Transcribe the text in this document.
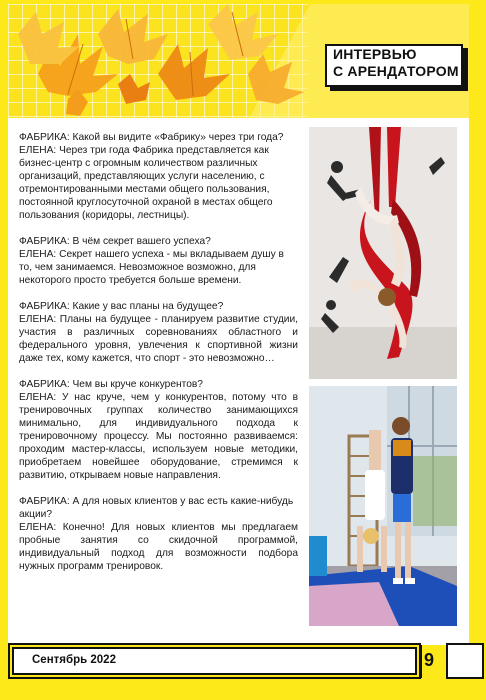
ИНТЕРВЬЮ
С АРЕНДАТОРОМ

ФАБРИКА: Какой вы видите «Фабрику» через три года?

ЕЛЕНА: Через три года Фабрика представляется как бизнес-центр с огромным количеством различных организаций, представляющих услуги населению, с отремонтированными местами общего пользования, постоянной круглосуточной охраной в местах общего пользования (коридоры, лестницы).

ФАБРИКА: В чём секрет вашего успеха?

ЕЛЕНА: Секрет нашего успеха - мы вкладываем душу в то, чем занимаемся. Невозможное возможно, для некоторого просто требуется больше времени.

ФАБРИКА: Какие у вас планы на будущее?

ЕЛЕНА: Планы на будущее - планируем развитие студии, участия в различных соревнованиях областного и федерального уровня, увлечения к спортивной жизни даже тех, кому кажется, что спорт - это невозможно…

ФАБРИКА: Чем вы круче конкурентов?

ЕЛЕНА: У нас круче, чем у конкурентов, потому что в тренировочных группах количество занимающихся минимально, для индивидуального подхода к тренировочному процессу. Мы постоянно развиваемся: проходим мастер-классы, используем новые методики, приобретаем новейшее оборудование, стремимся к развитию, открываем новые направления.

ФАБРИКА: А для новых клиентов у вас есть какие-нибудь акции?

ЕЛЕНА: Конечно! Для новых клиентов мы предлагаем пробные занятия со скидочной программой, индивидуальный подход для возможности подбора нужных программ тренировок.

Сентябрь 2022	9
